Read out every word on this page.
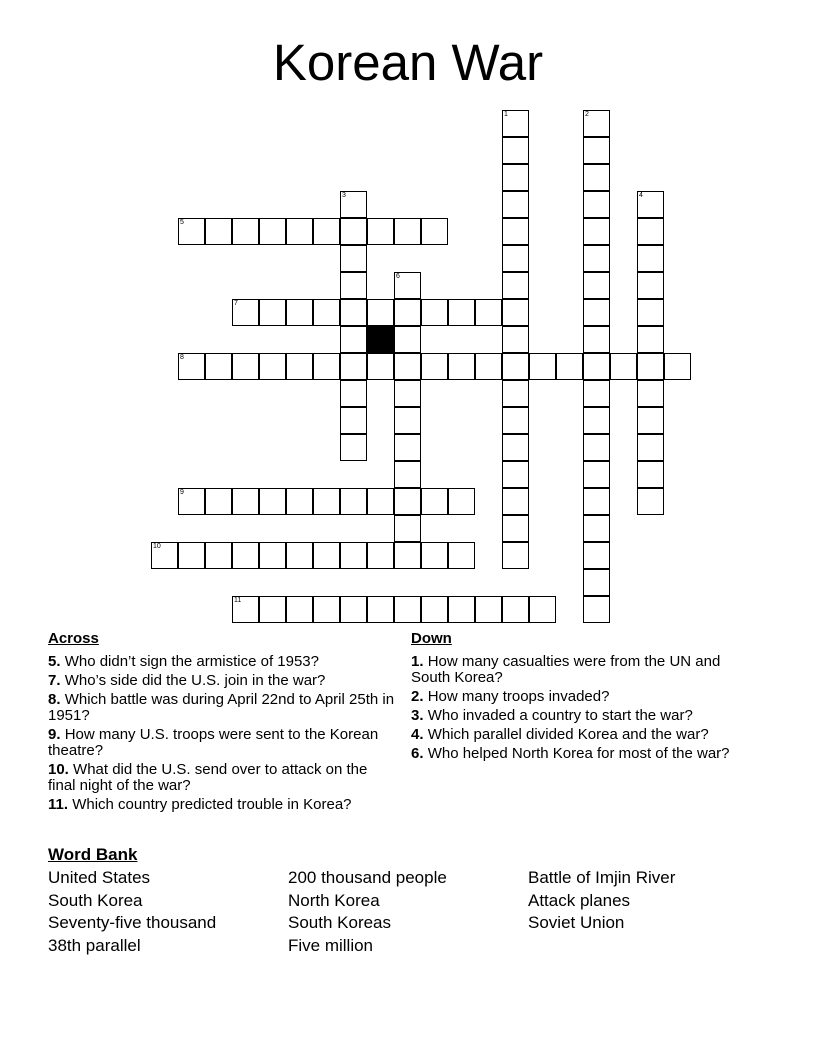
Korean War
5
7
8
9
10
11
1	2
3	4
6
Across
5. Who didn’t sign the armistice of 1953?
7. Who’s side did the U.S. join in the war?
8. Which battle was during April 22nd to April 25th in 1951?
9. How many U.S. troops were sent to the Korean theatre?
10. What did the U.S. send over to attack on the final night of the war?
11. Which country predicted trouble in Korea?
Down
1. How many casualties were from the UN and South Korea?
2. How many troops invaded?
3. Who invaded a country to start the war?
4. Which parallel divided Korea and the war?
6. Who helped North Korea for most of the war?
Word Bank
United States	200 thousand people	Battle of Imjin River
South Korea	North Korea	Attack planes
Seventy-five thousand	South Koreas	Soviet Union
38th parallel	Five million
